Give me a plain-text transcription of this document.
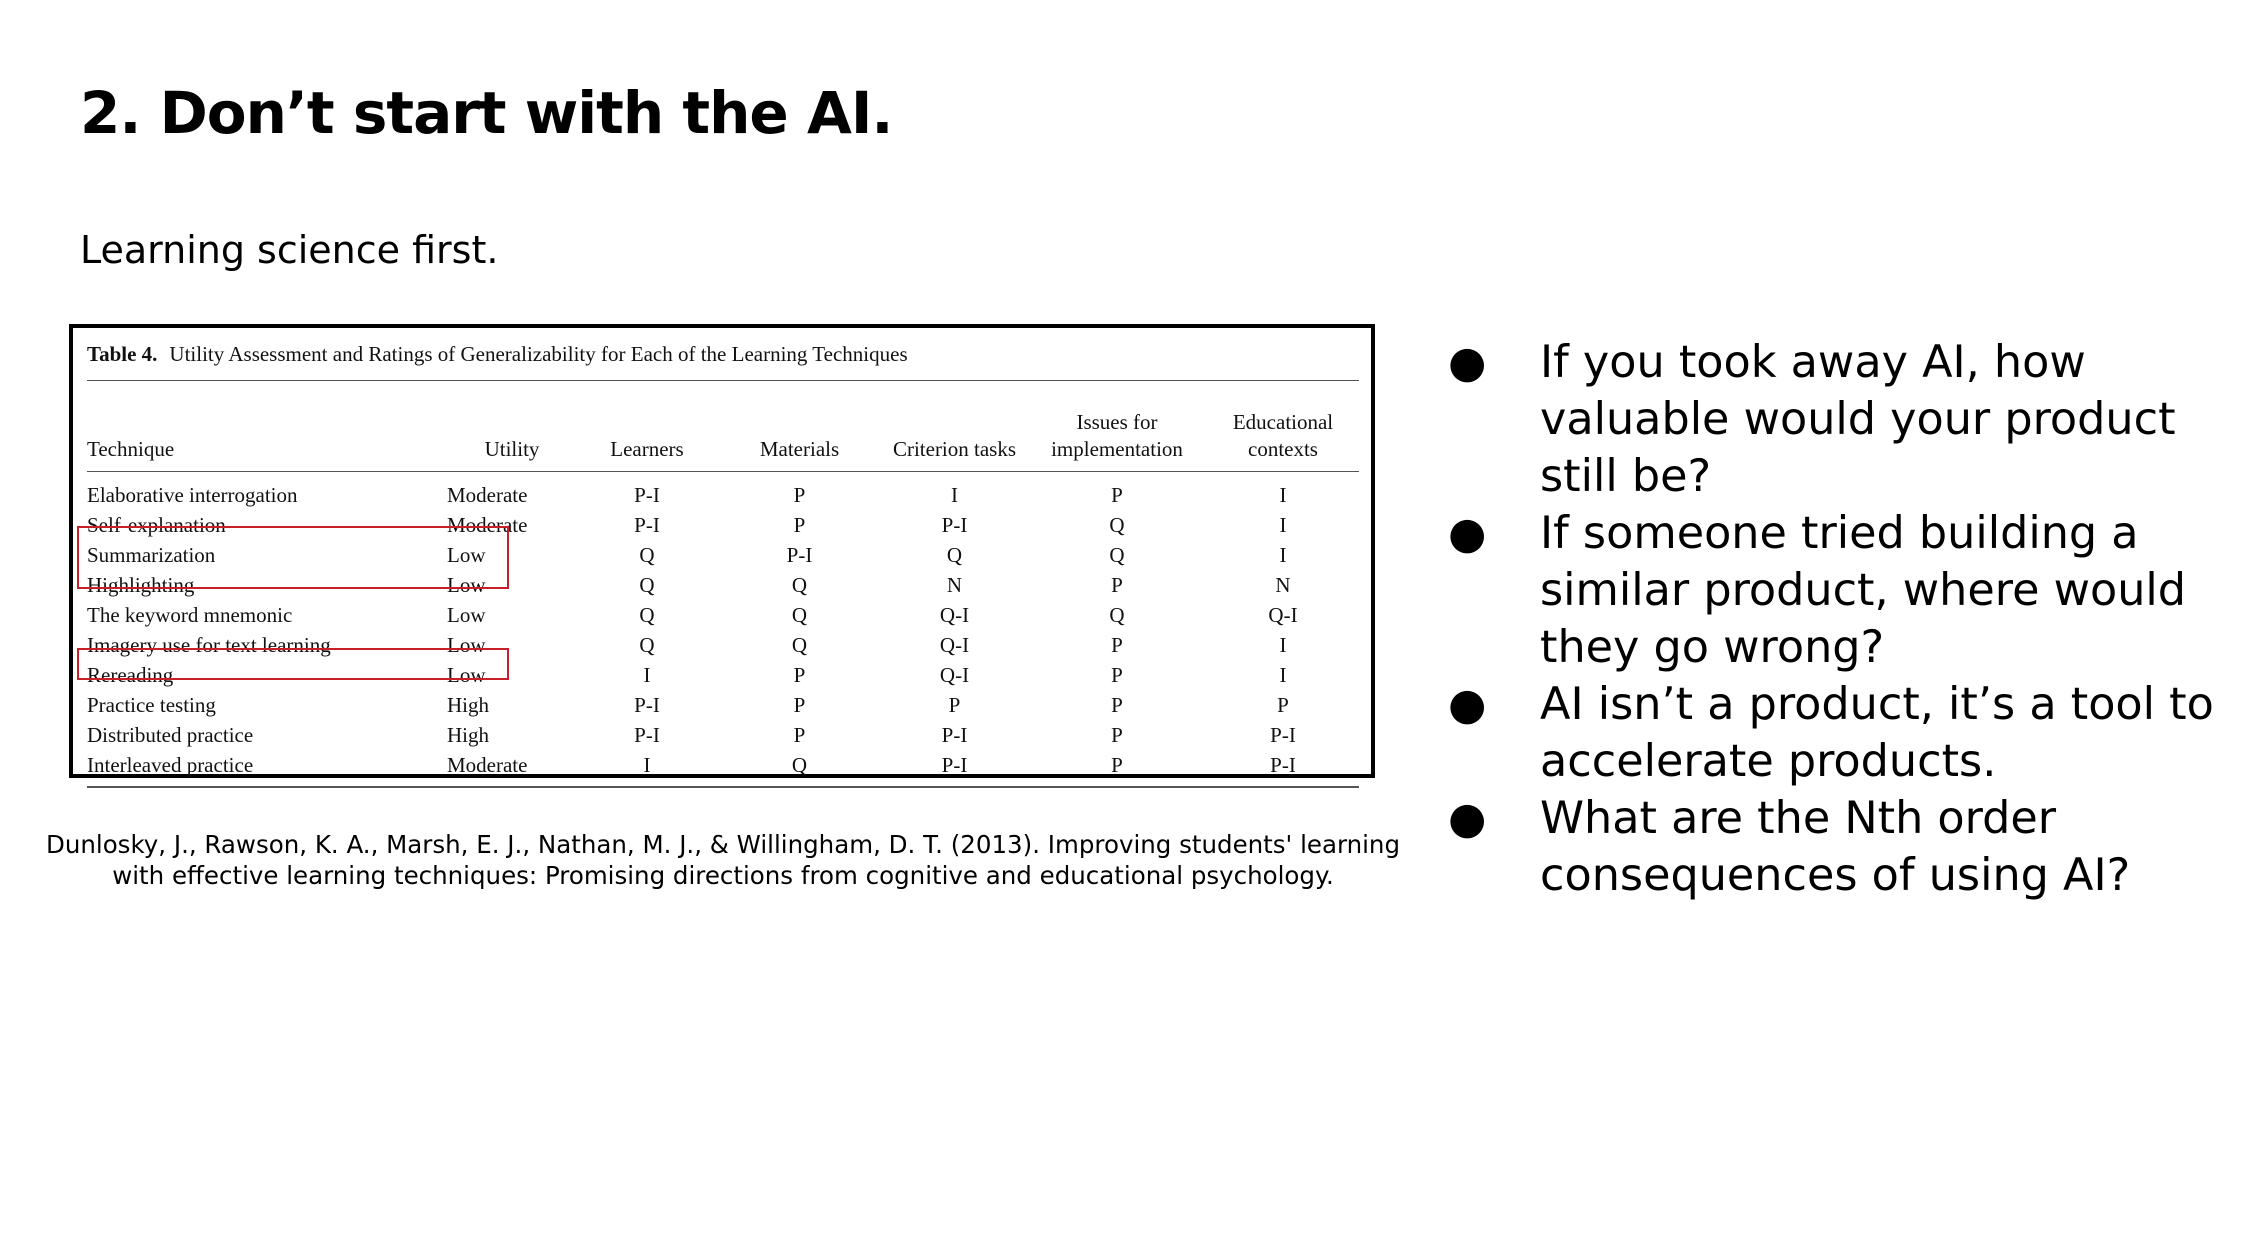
2. Don’t start with the AI.

Learning science first.

Table 4. Utility Assessment and Ratings of Generalizability for Each of the Learning Techniques
Technique	Utility	Learners	Materials	Criterion tasks	Issues for implementation	Educational contexts
Elaborative interrogation	Moderate	P-I	P	I	P	I
Self-explanation	Moderate	P-I	P	P-I	Q	I
Summarization	Low	Q	P-I	Q	Q	I
Highlighting	Low	Q	Q	N	P	N
The keyword mnemonic	Low	Q	Q	Q-I	Q	Q-I
Imagery use for text learning	Low	Q	Q	Q-I	P	I
Rereading	Low	I	P	Q-I	P	I
Practice testing	High	P-I	P	P	P	P
Distributed practice	High	P-I	P	P-I	P	P-I
Interleaved practice	Moderate	I	Q	P-I	P	P-I

Dunlosky, J., Rawson, K. A., Marsh, E. J., Nathan, M. J., & Willingham, D. T. (2013). Improving students' learning with effective learning techniques: Promising directions from cognitive and educational psychology.

● If you took away AI, how valuable would your product still be?
● If someone tried building a similar product, where would they go wrong?
● AI isn’t a product, it’s a tool to accelerate products.
● What are the Nth order consequences of using AI?
